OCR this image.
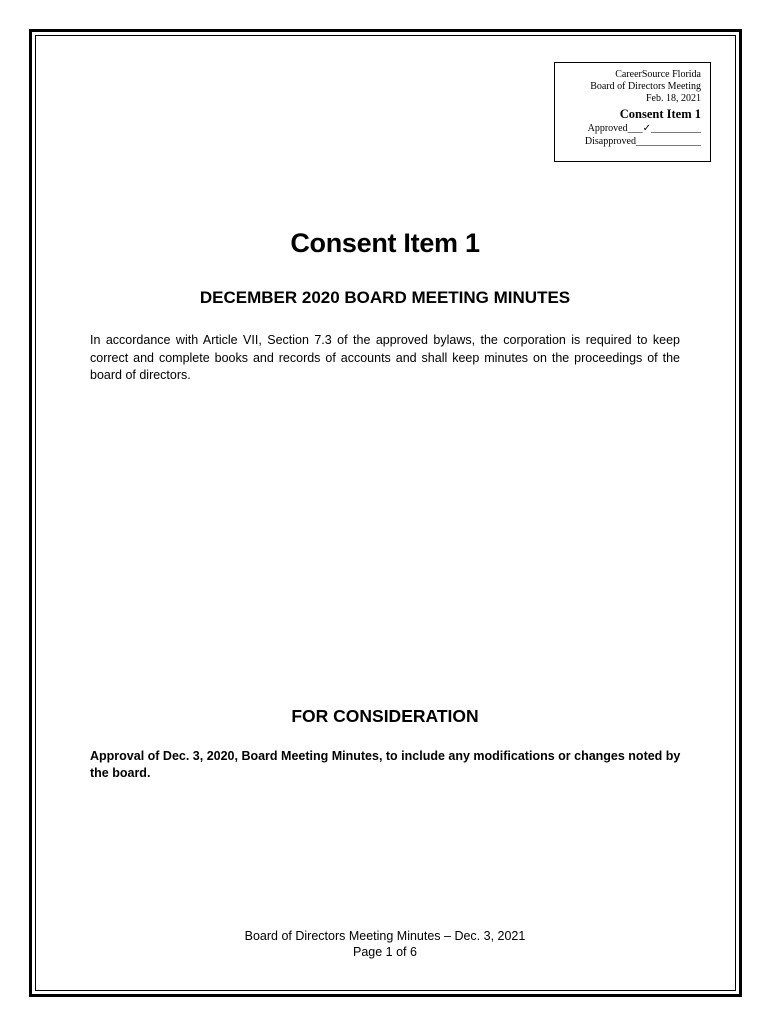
CareerSource Florida
Board of Directors Meeting
Feb. 18, 2021
Consent Item 1
Approved___✓__________
Disapproved_____________
Consent Item 1
DECEMBER 2020 BOARD MEETING MINUTES
In accordance with Article VII, Section 7.3 of the approved bylaws, the corporation is required to keep correct and complete books and records of accounts and shall keep minutes on the proceedings of the board of directors.
FOR CONSIDERATION
Approval of Dec. 3, 2020, Board Meeting Minutes, to include any modifications or changes noted by the board.
Board of Directors Meeting Minutes – Dec. 3, 2021
Page 1 of 6
